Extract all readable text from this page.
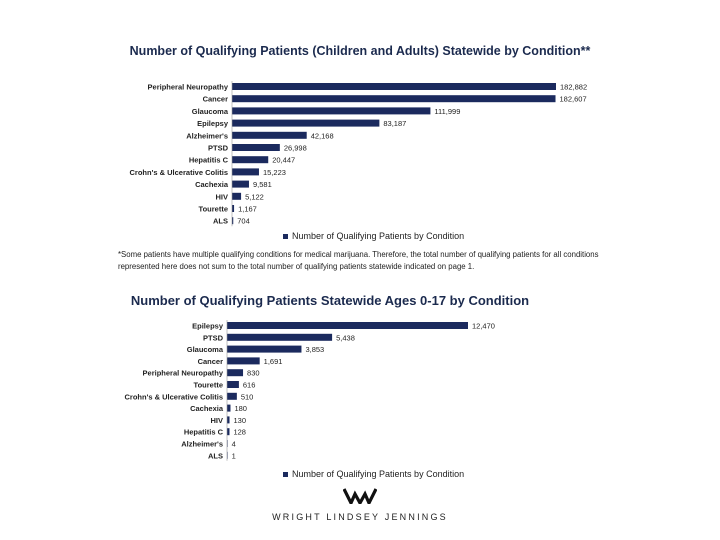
Number of Qualifying Patients (Children and Adults) Statewide by Condition**
Peripheral Neuropathy	182,882
Cancer	182,607
Glaucoma	111,999
Epilepsy	83,187
Alzheimer's	42,168
PTSD	26,998
Hepatitis C	20,447
Crohn's & Ulcerative Colitis	15,223
Cachexia	9,581
HIV 5,122
Tourette 1,167
ALS 704
Number of Qualifying Patients by Condition

*Some patients have multiple qualifying conditions for medical marijuana. Therefore, the total number of qualifying patients for all conditions represented here does not sum to the total number of qualifying patients statewide indicated on page 1.

Number of Qualifying Patients Statewide Ages 0-17 by Condition
Epilepsy	12,470
PTSD	5,438
Glaucoma	3,853
Cancer	1,691
Peripheral Neuropathy	830
Tourette	616
Crohn's & Ulcerative Colitis 510
Cachexia 180
HIV 130
Hepatitis C 128
Alzheimer's 4
ALS 1
Number of Qualifying Patients by Condition
WRIGHT LINDSEY JENNINGS
